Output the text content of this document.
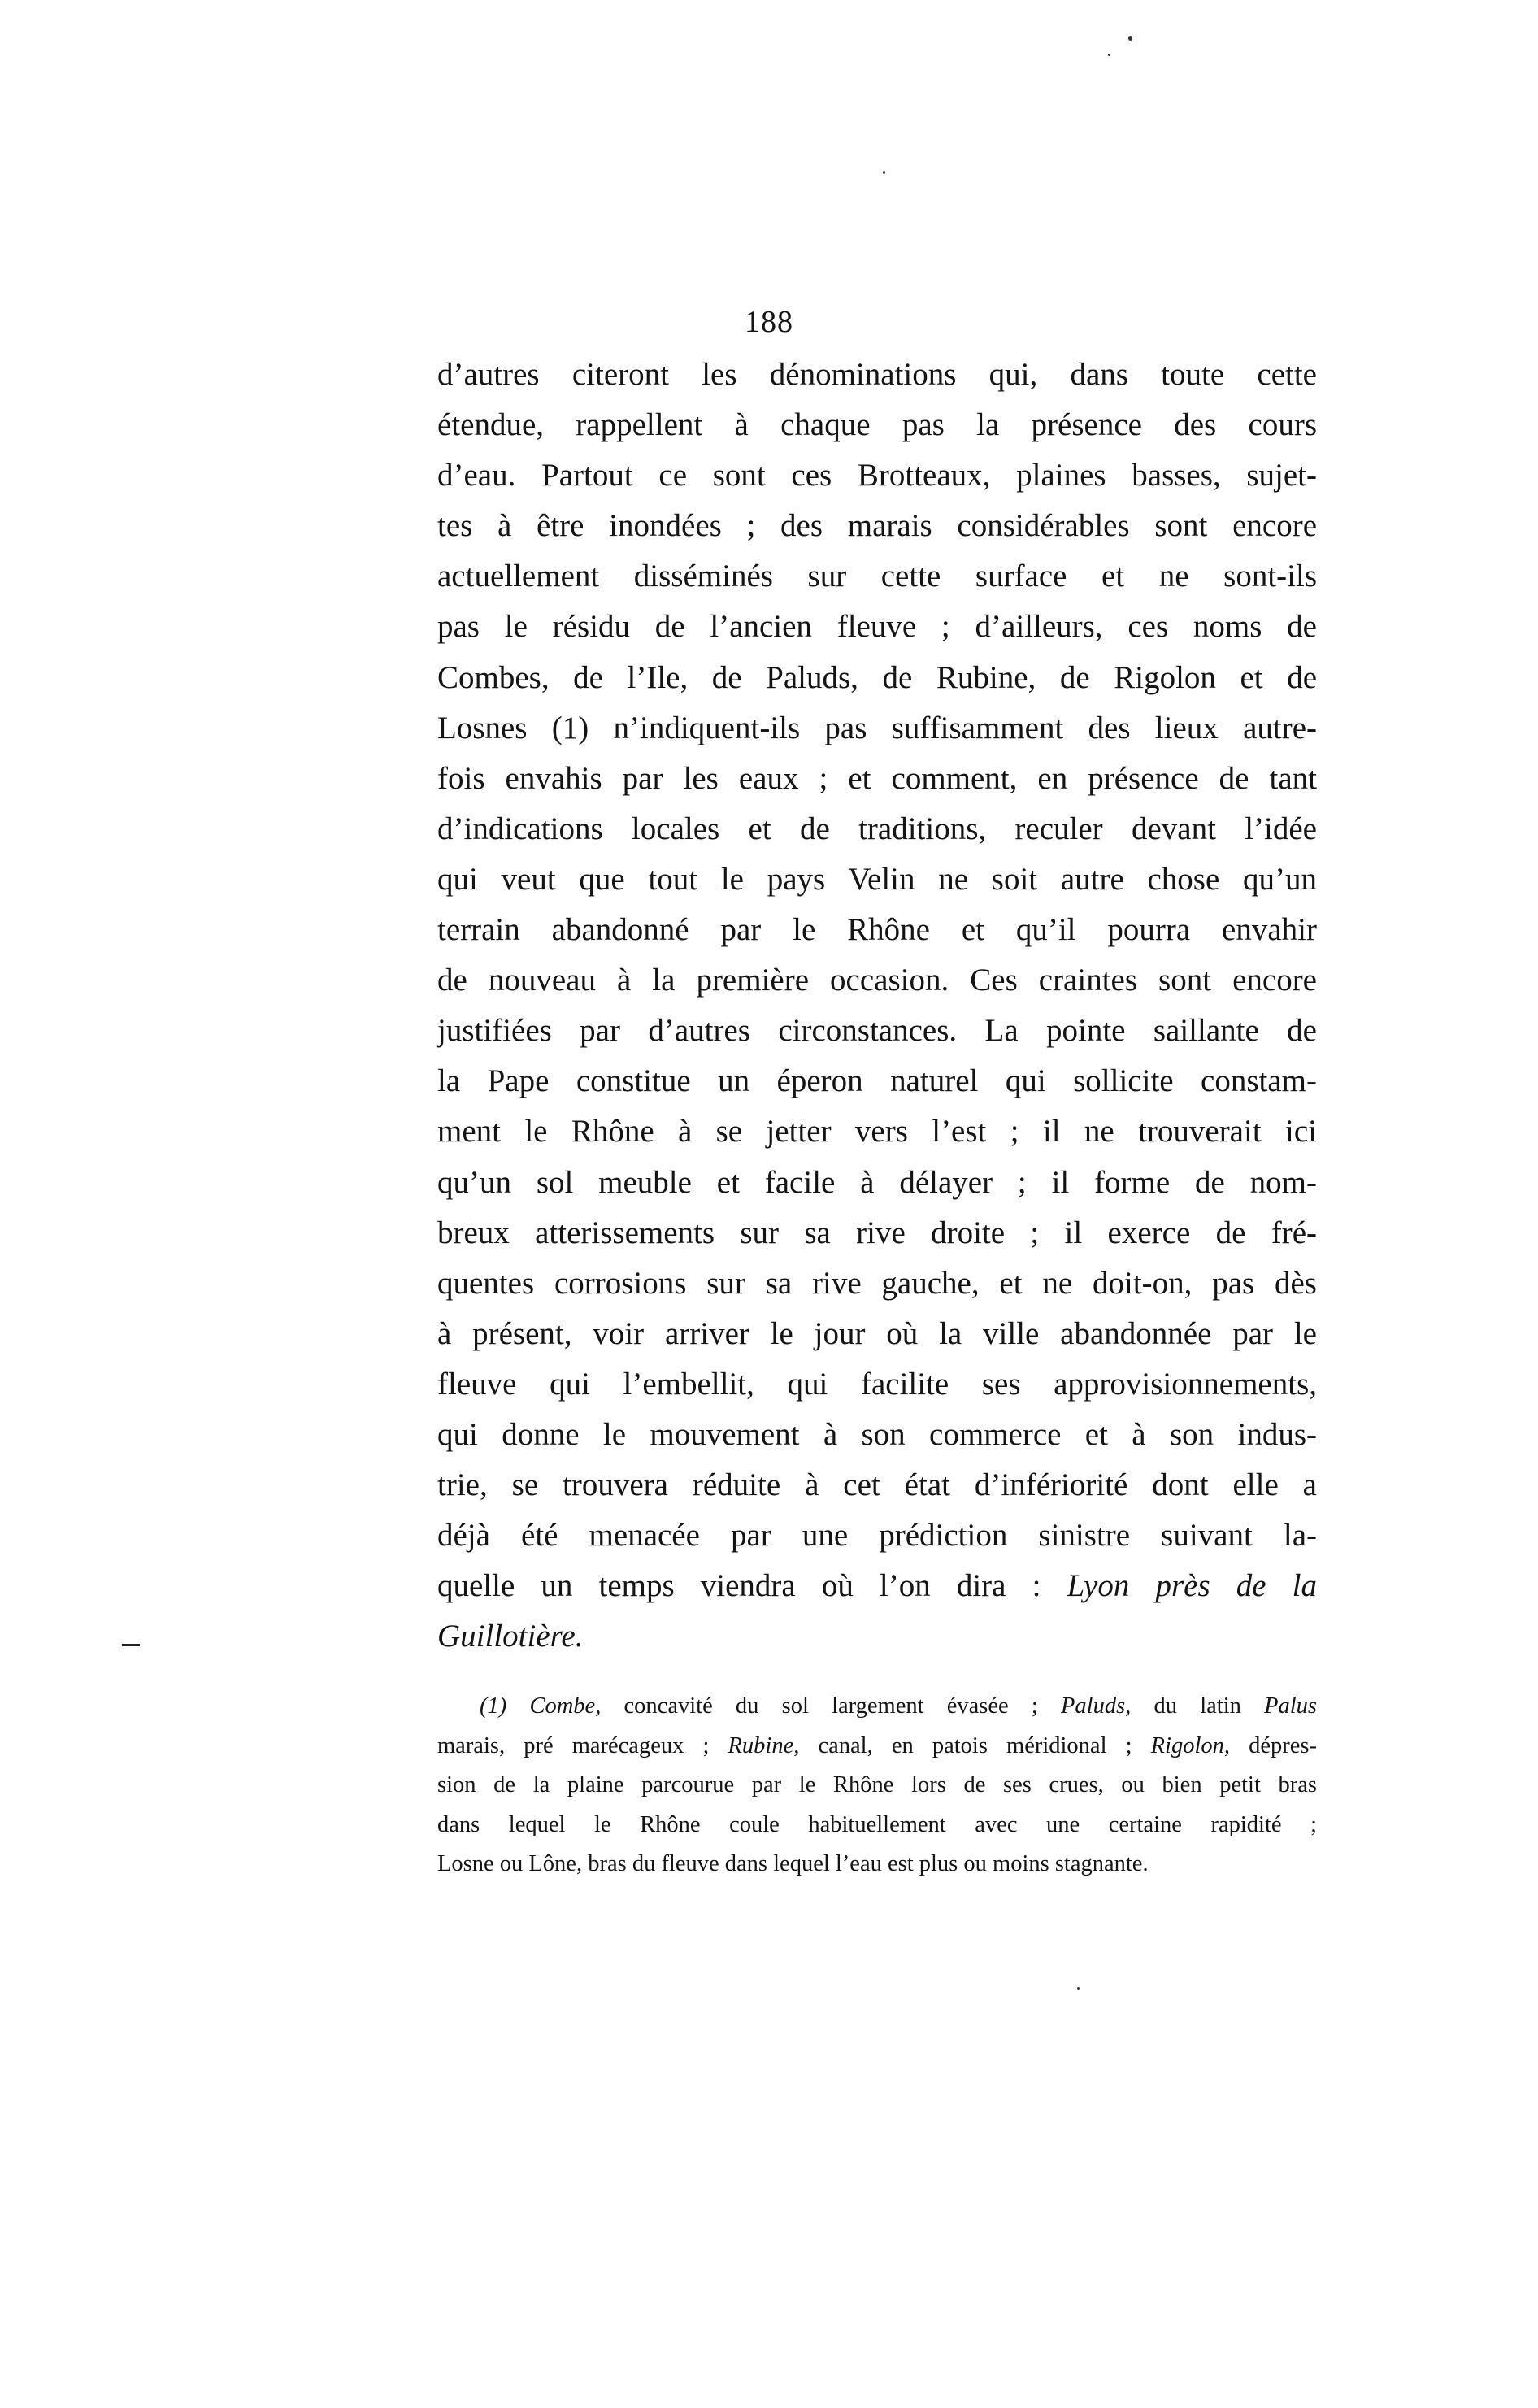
188
d’autres citeront les dénominations qui, dans toute cette
étendue, rappellent à chaque pas la présence des cours
d’eau. Partout ce sont ces Brotteaux, plaines basses, sujet-
tes à être inondées ; des marais considérables sont encore
actuellement disséminés sur cette surface et ne sont-ils
pas le résidu de l’ancien fleuve ; d’ailleurs, ces noms de
Combes, de l’Ile, de Paluds, de Rubine, de Rigolon et de
Losnes (1) n’indiquent-ils pas suffisamment des lieux autre-
fois envahis par les eaux ; et comment, en présence de tant
d’indications locales et de traditions, reculer devant l’idée
qui veut que tout le pays Velin ne soit autre chose qu’un
terrain abandonné par le Rhône et qu’il pourra envahir
de nouveau à la première occasion. Ces craintes sont encore
justifiées par d’autres circonstances. La pointe saillante de
la Pape constitue un éperon naturel qui sollicite constam-
ment le Rhône à se jetter vers l’est ; il ne trouverait ici
qu’un sol meuble et facile à délayer ; il forme de nom-
breux atterissements sur sa rive droite ; il exerce de fré-
quentes corrosions sur sa rive gauche, et ne doit-on, pas dès
à présent, voir arriver le jour où la ville abandonnée par le
fleuve qui l’embellit, qui facilite ses approvisionnements,
qui donne le mouvement à son commerce et à son indus-
trie, se trouvera réduite à cet état d’infériorité dont elle a
déjà été menacée par une prédiction sinistre suivant la-
quelle un temps viendra où l’on dira : Lyon près de la
Guillotière.
(1) Combe, concavité du sol largement évasée ; Paluds, du latin Palus
marais, pré marécageux ; Rubine, canal, en patois méridional ; Rigolon, dépres-
sion de la plaine parcourue par le Rhône lors de ses crues, ou bien petit bras
dans lequel le Rhône coule habituellement avec une certaine rapidité ;
Losne ou Lône, bras du fleuve dans lequel l’eau est plus ou moins stagnante.
